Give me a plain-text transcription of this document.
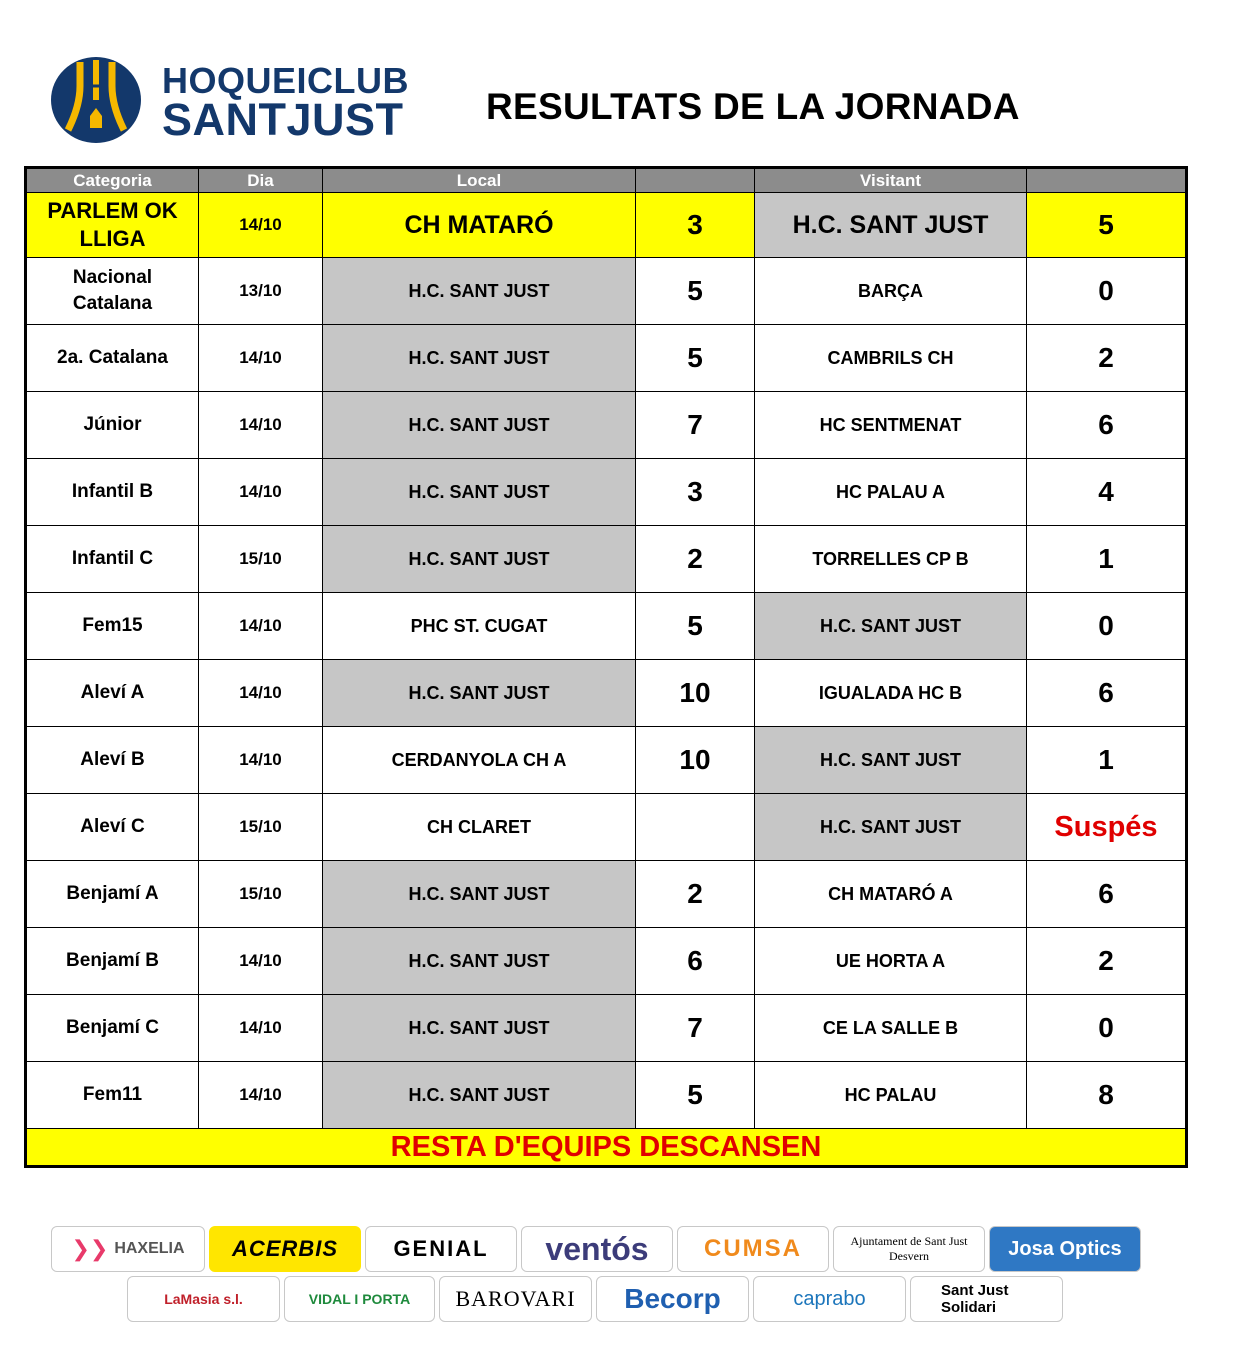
HOQUEICLUB
SANTJUST RESULTATS DE LA JORNADA
Categoria	Dia	Local		Visitant	

PARLEM OK
LLIGA	14/10	CH MATARÓ	3	H.C. SANT JUST	5
Nacional Catalana	13/10	H.C. SANT JUST	5	BARÇA	0
2a. Catalana	14/10	H.C. SANT JUST	5	CAMBRILS CH	2
Júnior	14/10	H.C. SANT JUST	7	HC SENTMENAT	6
Infantil B	14/10	H.C. SANT JUST	3	HC PALAU A	4
Infantil C	15/10	H.C. SANT JUST	2	TORRELLES CP B	1
Fem15	14/10	PHC ST. CUGAT	5	H.C. SANT JUST	0
Aleví A	14/10	H.C. SANT JUST	10	IGUALADA HC B	6
Aleví B	14/10	CERDANYOLA CH A	10	H.C. SANT JUST	1
Aleví C	15/10	CH CLARET		H.C. SANT JUST	Suspés
Benjamí A	15/10	H.C. SANT JUST	2	CH MATARÓ A	6
Benjamí B	14/10	H.C. SANT JUST	6	UE HORTA A	2
Benjamí C	14/10	H.C. SANT JUST	7	CE LA SALLE B	0
Fem11	14/10	H.C. SANT JUST	5	HC PALAU	8
RESTA D'EQUIPS DESCANSEN					
❯❯ HAXELIA	ACERBIS	GENIAL	ventós	CUMSA	Ajuntament de Sant Just Desvern	Josa Optics
LaMasia s.l.	VIDAL I PORTA	BAROVARI	Becorp	caprabo	Sant Just Solidari
